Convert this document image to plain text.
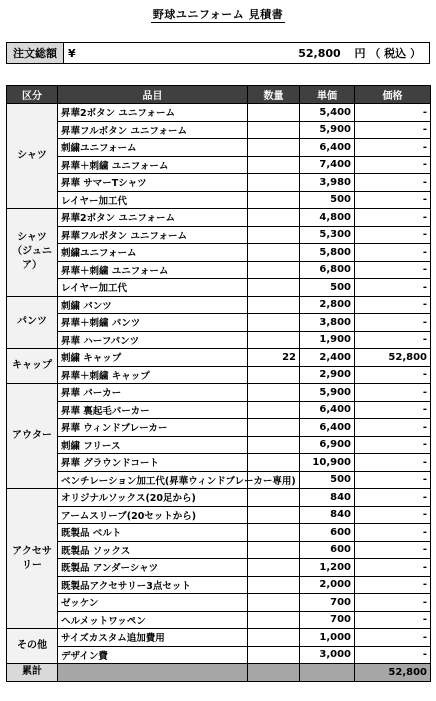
野球ユニフォーム 見積書
注文総額	¥	52,800 円 （ 税込 ）
区分	品目	数量	単価	価格
シャツ	昇華2ボタン ユニフォーム		5,400	-
	昇華フルボタン ユニフォーム		5,900	-
	刺繍ユニフォーム		6,400	-
	昇華＋刺繍 ユニフォーム		7,400	-
	昇華 サマーTシャツ		3,980	-
	レイヤー加工代		500	-
シャツ（ジュニア）	昇華2ボタン ユニフォーム		4,800	-
	昇華フルボタン ユニフォーム		5,300	-
	刺繍ユニフォーム		5,800	-
	昇華＋刺繍 ユニフォーム		6,800	-
	レイヤー加工代		500	-
パンツ	刺繍 パンツ		2,800	-
	昇華＋刺繍 パンツ		3,800	-
	昇華 ハーフパンツ		1,900	-
キャップ	刺繍 キャップ	22	2,400	52,800
	昇華＋刺繍 キャップ		2,900	-
アウター	昇華 パーカー		5,900	-
	昇華 裏起毛パーカー		6,400	-
	昇華 ウィンドブレーカー		6,400	-
	刺繍 フリース		6,900	-
	昇華 グラウンドコート		10,900	-
	ベンチレーション加工代(昇華ウィンドブレーカー専用)		500	-
アクセサリー	オリジナルソックス(20足から)		840	-
	アームスリーブ(20セットから)		840	-
	既製品 ベルト		600	-
	既製品 ソックス		600	-
	既製品 アンダーシャツ		1,200	-
	既製品アクセサリー3点セット		2,000	-
	ゼッケン		700	-
	ヘルメットワッペン		700	-
その他	サイズカスタム追加費用		1,000	-
	デザイン費		3,000	-
累計				52,800
